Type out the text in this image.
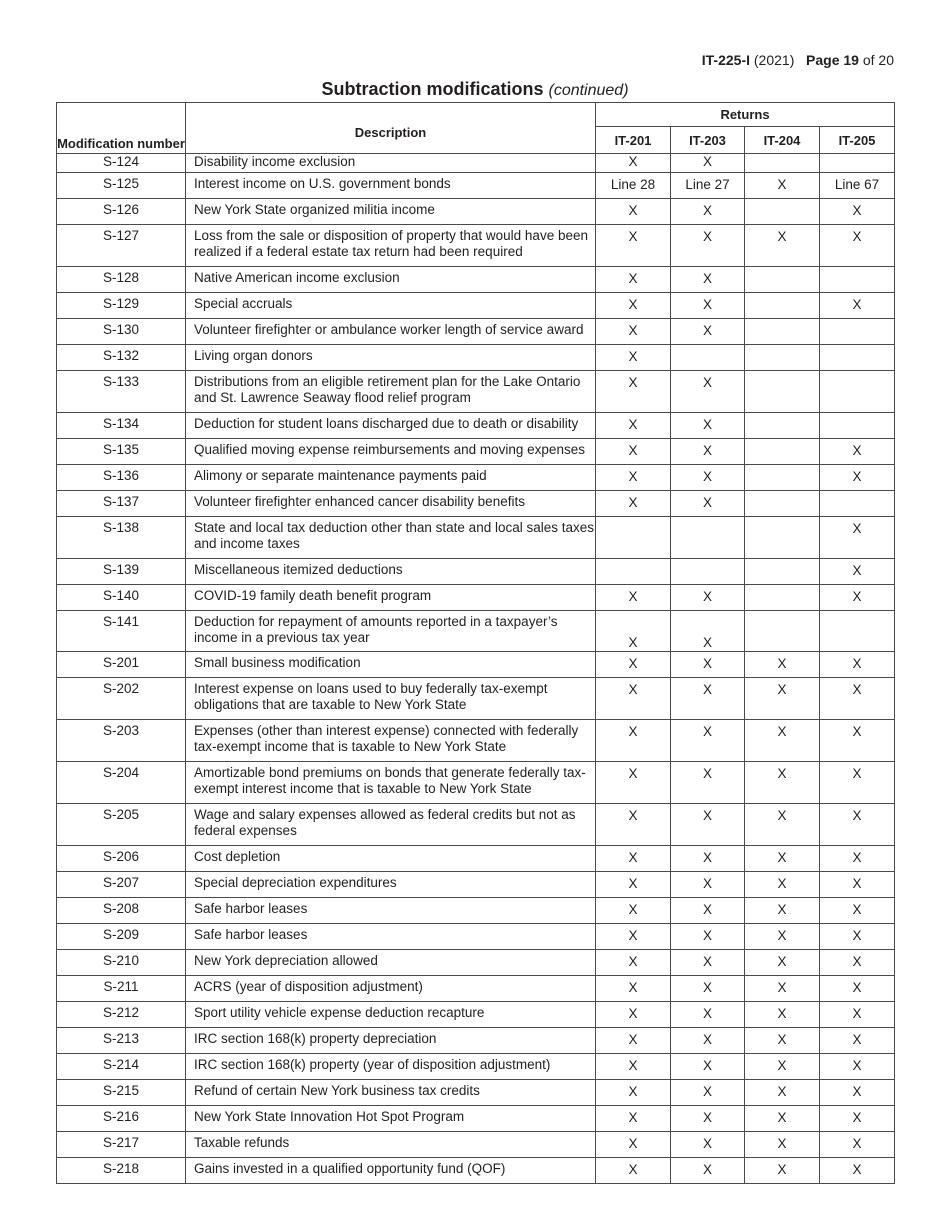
IT-225-I (2021) Page 19 of 20
Subtraction modifications (continued)
Modification number	Description	Returns			
		IT-201	IT-203	IT-204	IT-205
S-124	Disability income exclusion	X	X		
S-125	Interest income on U.S. government bonds	Line 28	Line 27	X	Line 67
S-126	New York State organized militia income	X	X		X
S-127	Loss from the sale or disposition of property that would have been realized if a federal estate tax return had been required	X	X	X	X
S-128	Native American income exclusion	X	X		
S-129	Special accruals	X	X		X
S-130	Volunteer firefighter or ambulance worker length of service award	X	X		
S-132	Living organ donors	X			
S-133	Distributions from an eligible retirement plan for the Lake Ontario and St. Lawrence Seaway flood relief program	X	X		
S-134	Deduction for student loans discharged due to death or disability	X	X		
S-135	Qualified moving expense reimbursements and moving expenses	X	X		X
S-136	Alimony or separate maintenance payments paid	X	X		X
S-137	Volunteer firefighter enhanced cancer disability benefits	X	X		
S-138	State and local tax deduction other than state and local sales taxes and income taxes				X
S-139	Miscellaneous itemized deductions				X
S-140	COVID-19 family death benefit program	X	X		X
S-141	Deduction for repayment of amounts reported in a taxpayer’s income in a previous tax year	X	X		
S-201	Small business modification	X	X	X	X
S-202	Interest expense on loans used to buy federally tax-exempt obligations that are taxable to New York State	X	X	X	X
S-203	Expenses (other than interest expense) connected with federally tax-exempt income that is taxable to New York State	X	X	X	X
S-204	Amortizable bond premiums on bonds that generate federally tax-exempt interest income that is taxable to New York State	X	X	X	X
S-205	Wage and salary expenses allowed as federal credits but not as federal expenses	X	X	X	X
S-206	Cost depletion	X	X	X	X
S-207	Special depreciation expenditures	X	X	X	X
S-208	Safe harbor leases	X	X	X	X
S-209	Safe harbor leases	X	X	X	X
S-210	New York depreciation allowed	X	X	X	X
S-211	ACRS (year of disposition adjustment)	X	X	X	X
S-212	Sport utility vehicle expense deduction recapture	X	X	X	X
S-213	IRC section 168(k) property depreciation	X	X	X	X
S-214	IRC section 168(k) property (year of disposition adjustment)	X	X	X	X
S-215	Refund of certain New York business tax credits	X	X	X	X
S-216	New York State Innovation Hot Spot Program	X	X	X	X
S-217	Taxable refunds	X	X	X	X
S-218	Gains invested in a qualified opportunity fund (QOF)	X	X	X	X
